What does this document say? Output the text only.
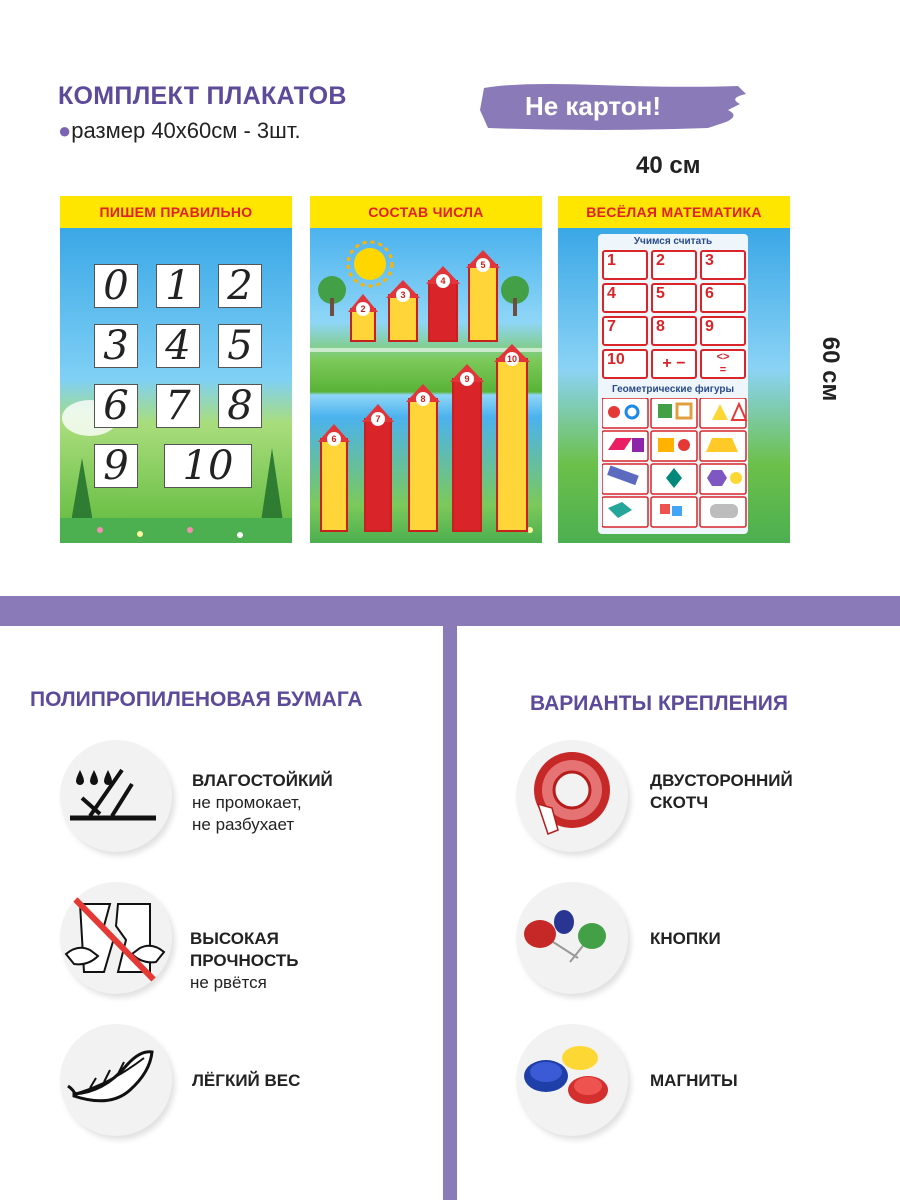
КОМПЛЕКТ ПЛАКАТОВ
●размер 40х60см - 3шт.
Не картон!
40 см
60 см
ПИШЕМ ПРАВИЛЬНО
0 1 2
3 4 5
6 7 8
9	10
СОСТАВ ЧИСЛА
2
3
4
5
6
7
8
9
10
ВЕСЁЛАЯ МАТЕМАТИКА
Учимся считать
1	2	3
4	5	6
7	8	9
10	+ −	<>
=
Геометрические фигуры
ПОЛИПРОПИЛЕНОВАЯ БУМАГА
ВЛАГОСТОЙКИЙ
не промокает,
не разбухает
ВЫСОКАЯ
ПРОЧНОСТЬ
не рвётся
ЛЁГКИЙ ВЕС
ВАРИАНТЫ КРЕПЛЕНИЯ
ДВУСТОРОННИЙ
СКОТЧ
КНОПКИ
МАГНИТЫ
